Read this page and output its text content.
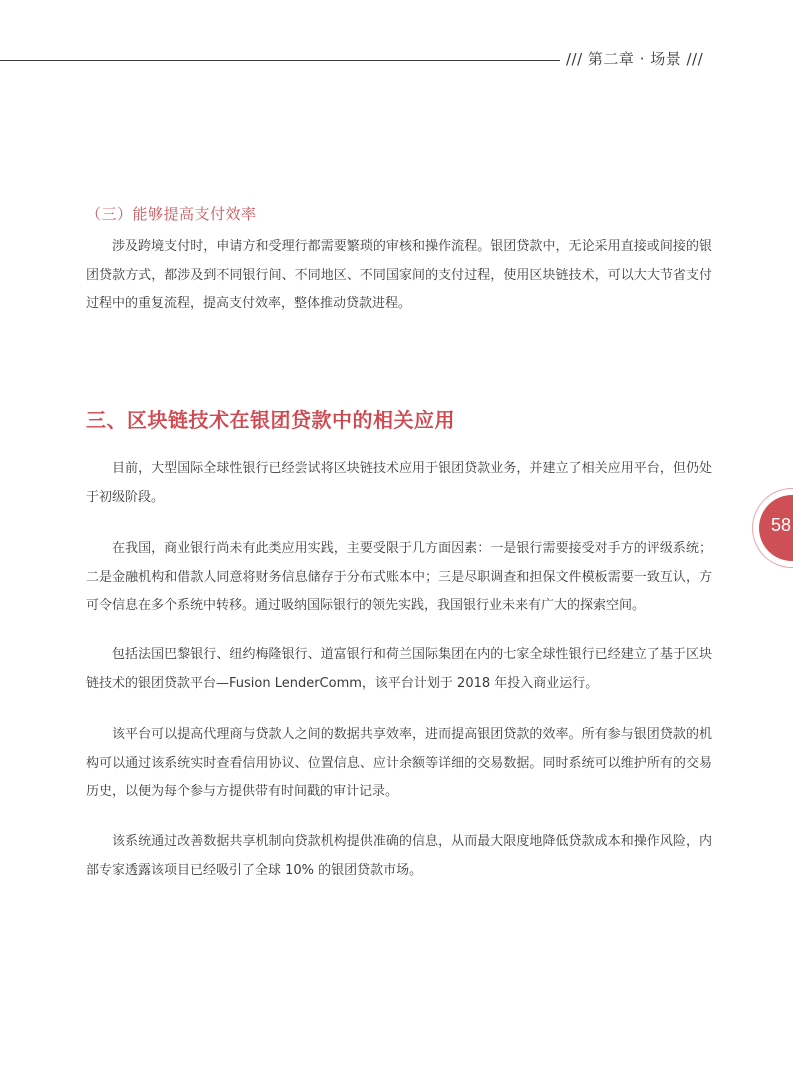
/// 第二章 · 场景 ///
（三）能够提高支付效率

涉及跨境支付时，申请方和受理行都需要繁琐的审核和操作流程。银团贷款中，无论采用直接或间接的银团贷款方式，都涉及到不同银行间、不同地区、不同国家间的支付过程，使用区块链技术，可以大大节省支付过程中的重复流程，提高支付效率，整体推动贷款进程。

三、区块链技术在银团贷款中的相关应用

目前，大型国际全球性银行已经尝试将区块链技术应用于银团贷款业务，并建立了相关应用平台，但仍处于初级阶段。

在我国，商业银行尚未有此类应用实践，主要受限于几方面因素：一是银行需要接受对手方的评级系统；二是金融机构和借款人同意将财务信息储存于分布式账本中；三是尽职调查和担保文件模板需要一致互认，方可令信息在多个系统中转移。通过吸纳国际银行的领先实践，我国银行业未来有广大的探索空间。

包括法国巴黎银行、纽约梅隆银行、道富银行和荷兰国际集团在内的七家全球性银行已经建立了基于区块链技术的银团贷款平台—Fusion LenderComm，该平台计划于 2018 年投入商业运行。

该平台可以提高代理商与贷款人之间的数据共享效率，进而提高银团贷款的效率。所有参与银团贷款的机构可以通过该系统实时查看信用协议、位置信息、应计余额等详细的交易数据。同时系统可以维护所有的交易历史，以便为每个参与方提供带有时间戳的审计记录。

该系统通过改善数据共享机制向贷款机构提供准确的信息，从而最大限度地降低贷款成本和操作风险，内部专家透露该项目已经吸引了全球 10% 的银团贷款市场。

58
